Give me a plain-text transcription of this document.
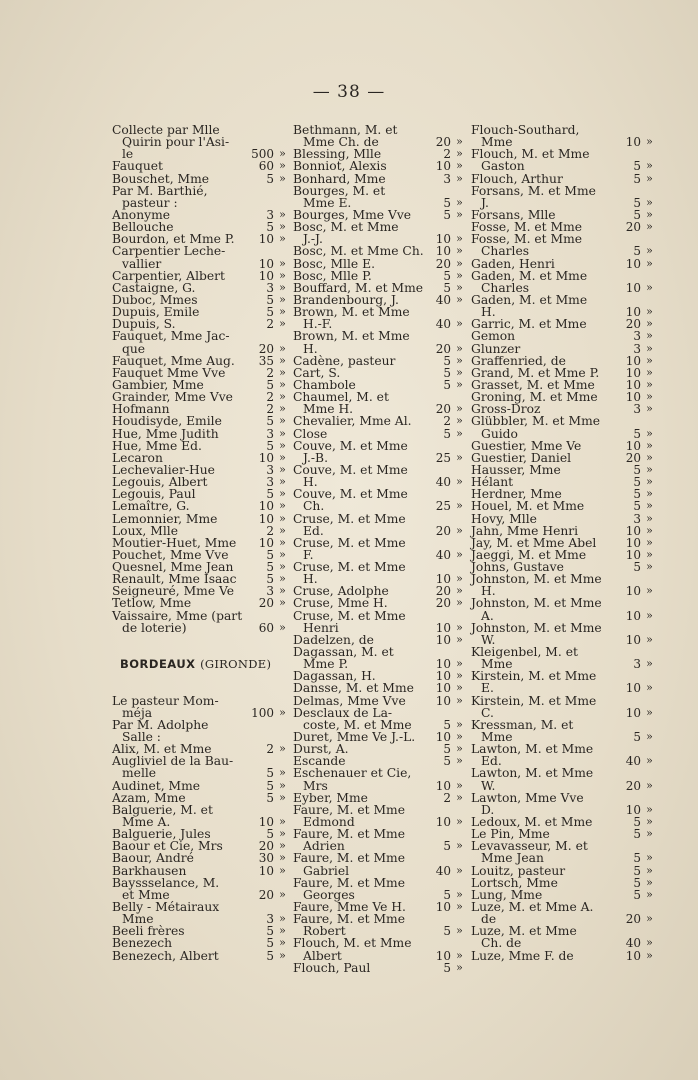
— 38 —
Collecte par Mlle
Quirin pour l'Asi-
le	500 »
Fauquet	60 »
Bouschet, Mme	5 »
Par M. Barthié,
pasteur :
Anonyme	3 »
Bellouche	5 »
Bourdon, et Mme P. 10 »
Carpentier Leche-
vallier	10 »
Carpentier, Albert	10 »
Castaigne, G.	3 »
Duboc, Mmes	5 »
Dupuis, Emile	5 »
Dupuis, S.	2 »
Fauquet, Mme Jac-
que	20 »
Fauquet, Mme Aug. 35 »
Fauquet Mme Vve	2 »
Gambier, Mme	5 »
Grainder, Mme Vve	2 »
Hofmann	2 »
Houdisyde, Emile	5 »
Hue, Mme Judith	3 »
Hue, Mme Ed.	5 »
Lecaron	10 »
Lechevalier-Hue	3 »
Legouis, Albert	3 »
Legouis, Paul	5 »
Lemaître, G.	10 »
Lemonnier, Mme	10 »
Loux, Mlle	2 »
Moutier-Huet, Mme 10 »
Pouchet, Mme Vve	5 »
Quesnel, Mme Jean	5 »
Renault, Mme Isaac 5 »
Seigneuré, Mme Ve	3 »
Tetlow, Mme	20 »
Vaissaire, Mme (part
de loterie)	60 »
BORDEAUX (GIRONDE)
Le pasteur Mom-
méja	100 »
Par M. Adolphe
Salle :
Alix, M. et Mme	2 »
Augliviel de la Bau-
melle	5 »
Audinet, Mme	5 »
Azam, Mme	5 »
Balguerie, M. et
Mme A.	10 »
Balguerie, Jules	5 »
Baour et Cie, Mrs	20 »
Baour, André	30 »
Barkhausen	10 »
Bayssselance, M.
et Mme	20 »
Belly - Métairaux
Mme	3 »
Beeli frères	5 »
Benezech	5 »
Benezech, Albert	5 »
Bethmann, M. et
Mme Ch. de	20 »
Blessing, Mlle	2 »
Bonniot, Alexis	10 »
Bonhard, Mme	3 »
Bourges, M. et
Mme E.	5 »
Bourges, Mme Vve	5 »
Bosc, M. et Mme
J.-J.	10 »
Bosc, M. et Mme Ch. 10 »
Bosc, Mlle E.	20 »
Bosc, Mlle P.	5 »
Bouffard, M. et Mme 5 »
Brandenbourg, J.	40 »
Brown, M. et Mme
H.-F.	40 »
Brown, M. et Mme
H.	20 »
Cadène, pasteur	5 »
Cart, S.	5 »
Chambole	5 »
Chaumel, M. et
Mme H.	20 »
Chevalier, Mme Al.	2 »
Close	5 »
Couve, M. et Mme
J.-B.	25 »
Couve, M. et Mme
H.	40 »
Couve, M. et Mme
Ch.	25 »
Cruse, M. et Mme
Ed.	20 »
Cruse, M. et Mme
F.	40 »
Cruse, M. et Mme
H.	10 »
Cruse, Adolphe	20 »
Cruse, Mme H.	20 »
Cruse, M. et Mme
Henri	10 »
Dadelzen, de	10 »
Dagassan, M. et
Mme P.	10 »
Dagassan, H.	10 »
Dansse, M. et Mme 10 »
Delmas, Mme Vve 10 »
Desclaux de La-
coste, M. et Mme	5 »
Duret, Mme Ve J.-L. 10 »
Durst, A.	5 »
Escande	5 »
Eschenauer et Cie,
Mrs	10 »
Eyber, Mme	2 »
Faure, M. et Mme
Edmond	10 »
Faure, M. et Mme
Adrien	5 »
Faure, M. et Mme
Gabriel	40 »
Faure, M. et Mme
Georges	5 »
Faure, Mme Ve H. 10 »
Faure, M. et Mme
Robert	5 »
Flouch, M. et Mme
Albert	10 »
Flouch, Paul	5 »
Flouch-Southard,
Mme	10 »
Flouch, M. et Mme
Gaston	5 »
Flouch, Arthur	5 »
Forsans, M. et Mme
J.	5 »
Forsans, Mlle	5 »
Fosse, M. et Mme	20 »
Fosse, M. et Mme
Charles	5 »
Gaden, Henri	10 »
Gaden, M. et Mme
Charles	10 »
Gaden, M. et Mme
H.	10 »
Garric, M. et Mme	20 »
Gemon	3 »
Glunzer	3 »
Graffenried, de	10 »
Grand, M. et Mme P. 10 »
Grasset, M. et Mme	10 »
Groning, M. et Mme 10 »
Gross-Droz	3 »
Glübbler, M. et Mme
Guido	5 »
Guestier, Mme Ve	10 »
Guestier, Daniel	20 »
Hausser, Mme	5 »
Hélant	5 »
Herdner, Mme	5 »
Houel, M. et Mme	5 »
Hovy, Mlle	3 »
Jahn, Mme Henri	10 »
Jay, M. et Mme Abel 10 »
Jaeggi, M. et Mme	10 »
Johns, Gustave	5 »
Johnston, M. et Mme
H.	10 »
Johnston, M. et Mme
A.	10 »
Johnston, M. et Mme
W.	10 »
Kleigenbel, M. et
Mme	3 »
Kirstein, M. et Mme
E.	10 »
Kirstein, M. et Mme
C.	10 »
Kressman, M. et
Mme	5 »
Lawton, M. et Mme
Ed.	40 »
Lawton, M. et Mme
W.	20 »
Lawton, Mme Vve
D.	10 »
Ledoux, M. et Mme	5 »
Le Pin, Mme	5 »
Levavasseur, M. et
Mme Jean	5 »
Louitz, pasteur	5 »
Lortsch, Mme	5 »
Lung, Mme	5 »
Luze, M. et Mme A.
de	20 »
Luze, M. et Mme
Ch. de	40 »
Luze, Mme F. de	10 »
